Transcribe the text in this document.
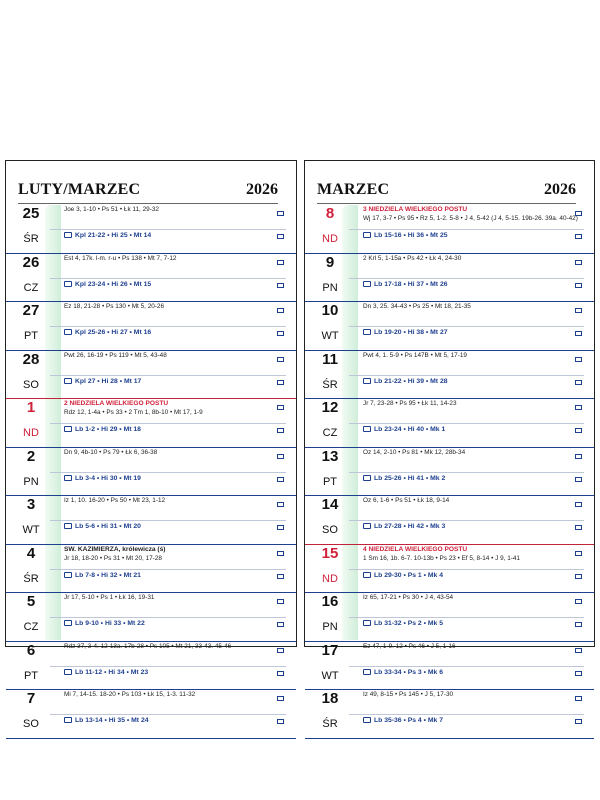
LUTY/MARZEC	2026
25
ŚR
Joe 3, 1-10 • Ps 51 • Łk 11, 29-32
Kpl 21-22 • Hi 25 • Mt 14
26
CZ
Est 4, 17k. l-m. r-u • Ps 138 • Mt 7, 7-12
Kpl 23-24 • Hi 26 • Mt 15
27
PT
Ez 18, 21-28 • Ps 130 • Mt 5, 20-26
Kpl 25-26 • Hi 27 • Mt 16
28
SO
Pwt 26, 16-19 • Ps 119 • Mt 5, 43-48
Kpl 27 • Hi 28 • Mt 17
1
ND
2 NIEDZIELA WIELKIEGO POSTU
Rdz 12, 1-4a • Ps 33 • 2 Tm 1, 8b-10 • Mt 17, 1-9
Lb 1-2 • Hi 29 • Mt 18
2
PN
Dn 9, 4b-10 • Ps 79 • Łk 6, 36-38
Lb 3-4 • Hi 30 • Mt 19
3
WT
Iz 1, 10. 16-20 • Ps 50 • Mt 23, 1-12
Lb 5-6 • Hi 31 • Mt 20
4
ŚR
ŚW. KAZIMIERZA, królewicza (ś)
Jr 18, 18-20 • Ps 31 • Mt 20, 17-28
Lb 7-8 • Hi 32 • Mt 21
5
CZ
Jr 17, 5-10 • Ps 1 • Łk 16, 19-31
Lb 9-10 • Hi 33 • Mt 22
6
PT
Rdz 37, 3-4. 12-13a. 17b-28 • Ps 105 • Mt 21, 33-43. 45-46
Lb 11-12 • Hi 34 • Mt 23
7
SO
Mi 7, 14-15. 18-20 • Ps 103 • Łk 15, 1-3. 11-32
Lb 13-14 • Hi 35 • Mt 24
MARZEC	2026
8
ND
3 NIEDZIELA WIELKIEGO POSTU
Wj 17, 3-7 • Ps 95 • Rz 5, 1-2. 5-8 • J 4, 5-42 (J 4, 5-15. 19b-26. 39a. 40-42)
Lb 15-16 • Hi 36 • Mt 25
9
PN
2 Krl 5, 1-15a • Ps 42 • Łk 4, 24-30
Lb 17-18 • Hi 37 • Mt 26
10
WT
Dn 3, 25. 34-43 • Ps 25 • Mt 18, 21-35
Lb 19-20 • Hi 38 • Mt 27
11
ŚR
Pwt 4, 1. 5-9 • Ps 147B • Mt 5, 17-19
Lb 21-22 • Hi 39 • Mt 28
12
CZ
Jr 7, 23-28 • Ps 95 • Łk 11, 14-23
Lb 23-24 • Hi 40 • Mk 1
13
PT
Oz 14, 2-10 • Ps 81 • Mk 12, 28b-34
Lb 25-26 • Hi 41 • Mk 2
14
SO
Oz 6, 1-6 • Ps 51 • Łk 18, 9-14
Lb 27-28 • Hi 42 • Mk 3
15
ND
4 NIEDZIELA WIELKIEGO POSTU
1 Sm 16, 1b. 6-7. 10-13b • Ps 23 • Ef 5, 8-14 • J 9, 1-41
Lb 29-30 • Ps 1 • Mk 4
16
PN
Iz 65, 17-21 • Ps 30 • J 4, 43-54
Lb 31-32 • Ps 2 • Mk 5
17
WT
Ez 47, 1-9. 12 • Ps 46 • J 5, 1-16
Lb 33-34 • Ps 3 • Mk 6
18
ŚR
Iz 49, 8-15 • Ps 145 • J 5, 17-30
Lb 35-36 • Ps 4 • Mk 7
